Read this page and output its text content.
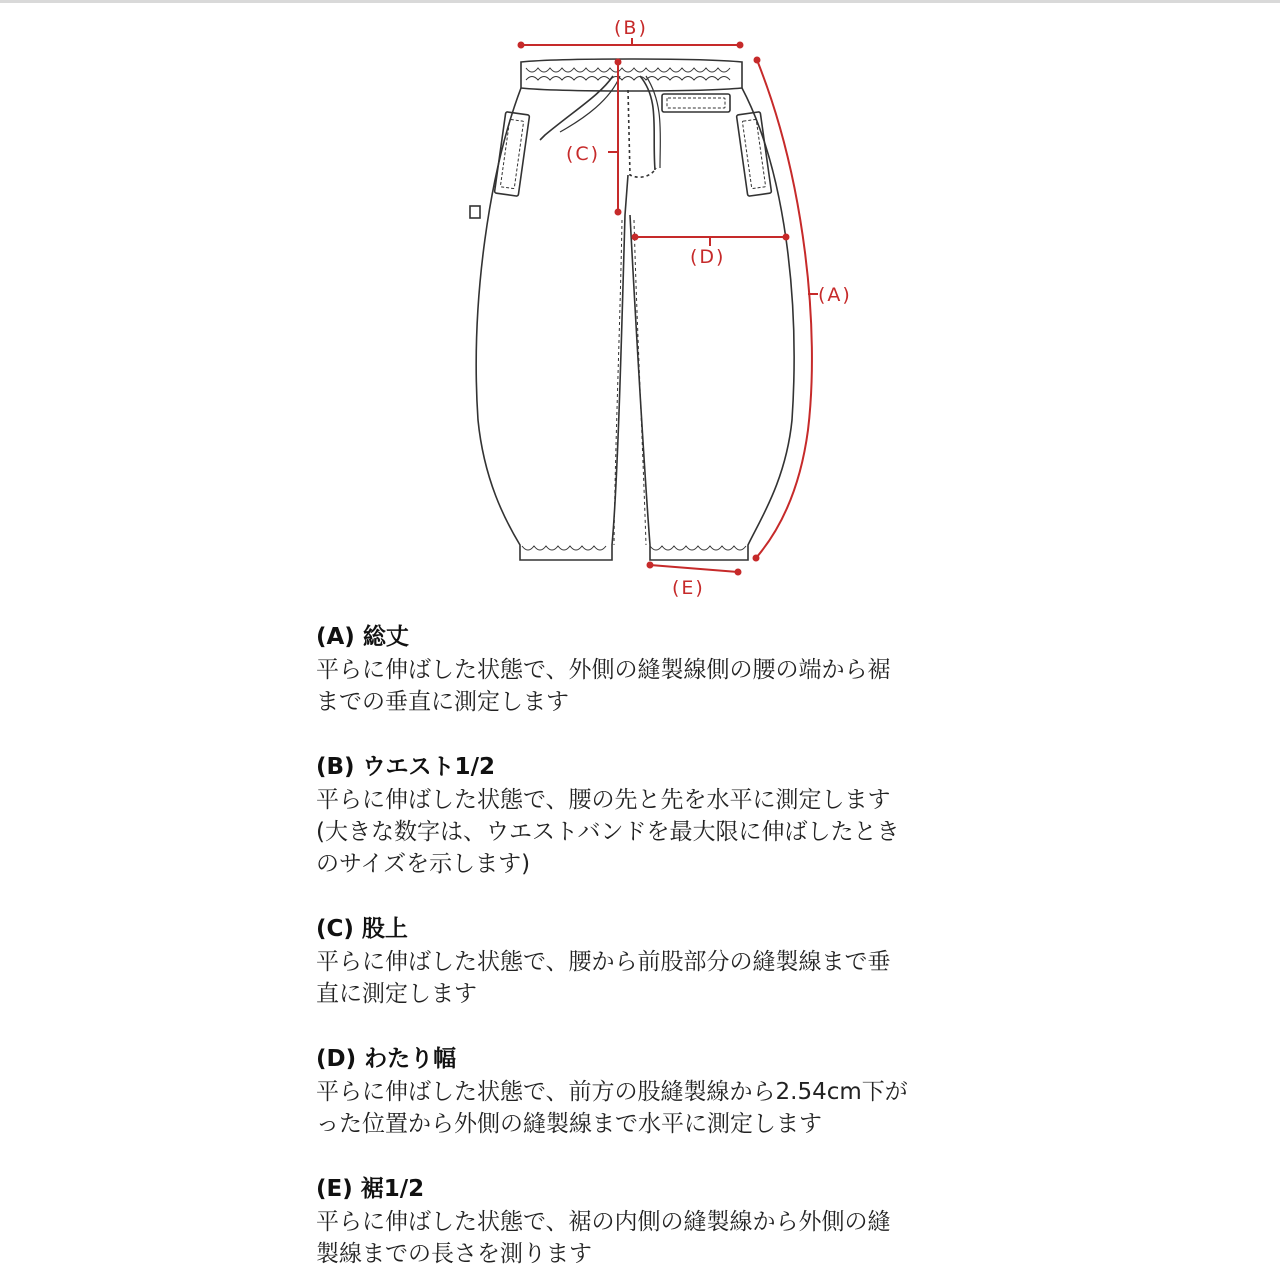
(B)
(C)
(D)
(A)
(E)
(A) 総丈

平らに伸ばした状態で、外側の縫製線側の腰の端から裾
までの垂直に測定します

(B) ウエスト1/2

平らに伸ばした状態で、腰の先と先を水平に測定します
(大きな数字は、ウエストバンドを最大限に伸ばしたとき
のサイズを示します)

(C) 股上

平らに伸ばした状態で、腰から前股部分の縫製線まで垂
直に測定します

(D) わたり幅

平らに伸ばした状態で、前方の股縫製線から2.54cm下が
った位置から外側の縫製線まで水平に測定します

(E) 裾1/2

平らに伸ばした状態で、裾の内側の縫製線から外側の縫
製線までの長さを測ります
